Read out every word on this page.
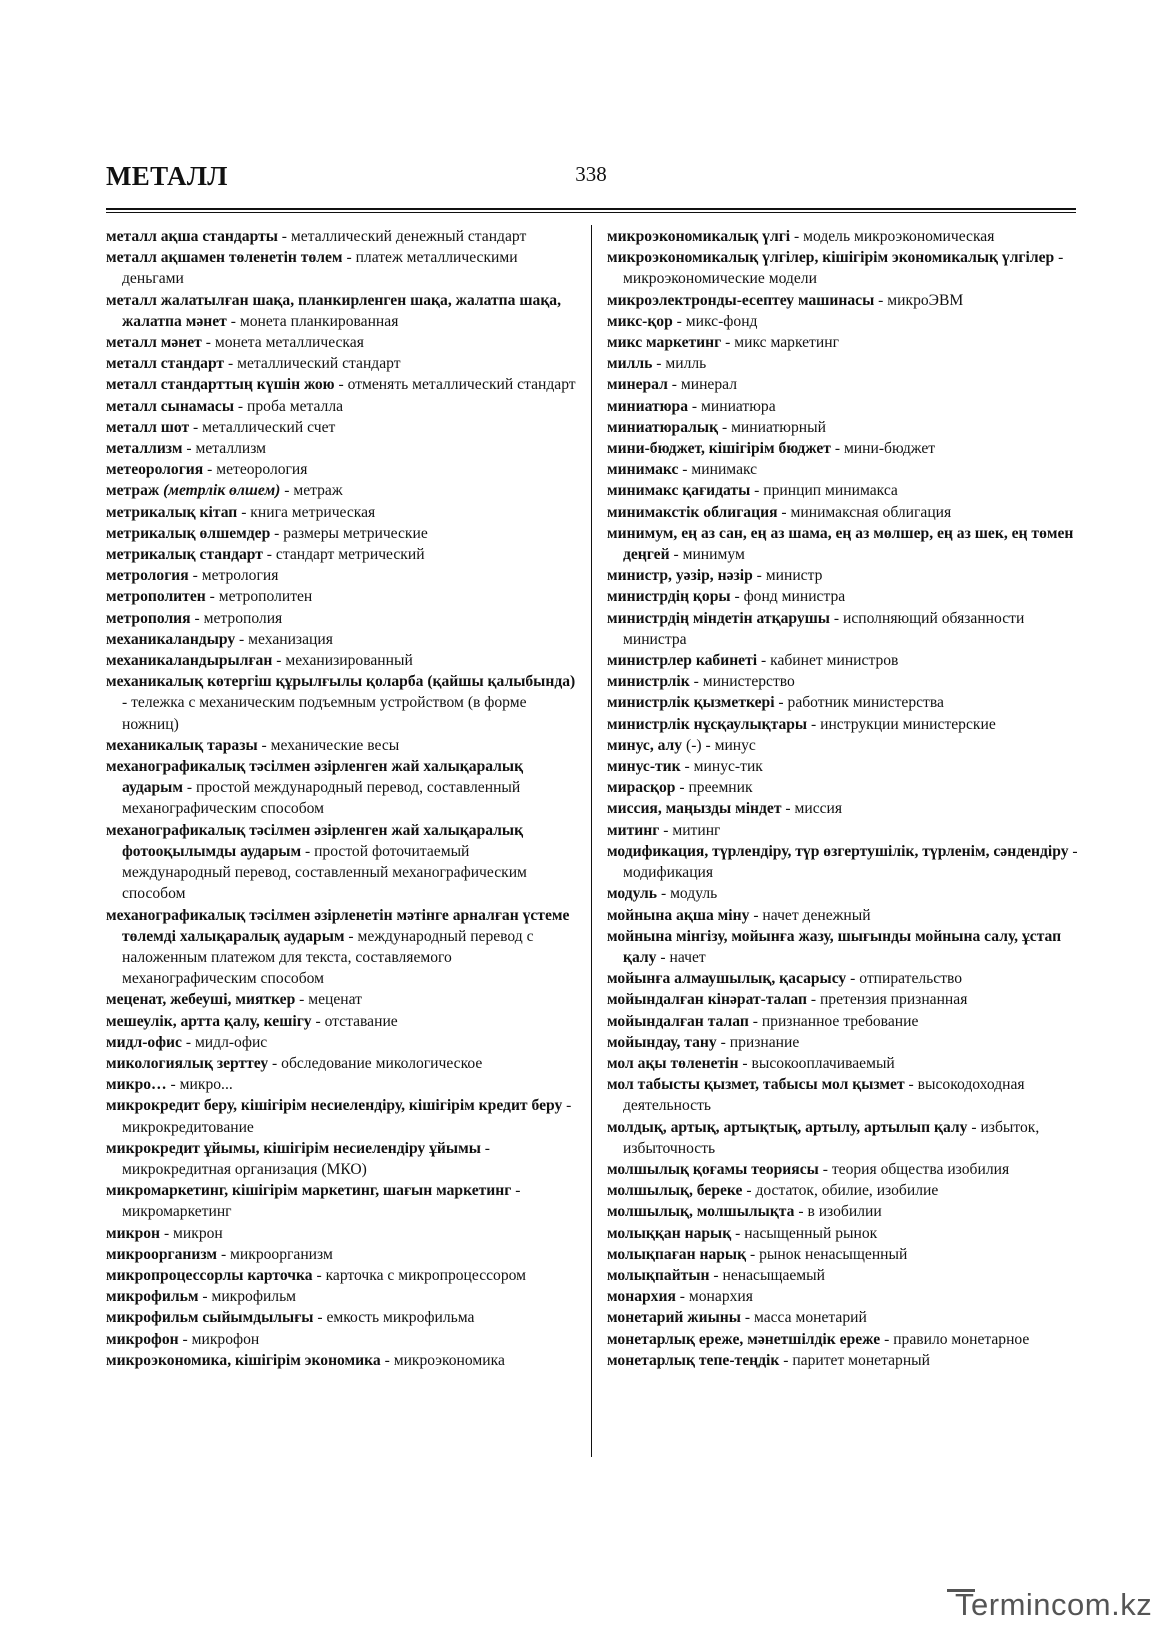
МЕТАЛЛ	338

металл ақша стандарты - металлический денежный стандарт

металл ақшамен төленетін төлем - платеж металлическими деньгами

металл жалатылған шақа, планкирленген шақа, жалатпа шақа, жалатпа мәнет - монета планкированная

металл мәнет - монета металлическая

металл стандарт - металлический стандарт

металл стандарттың күшін жою - отменять металлический стандарт

металл сынамасы - проба металла

металл шот - металлический счет

металлизм - металлизм

метеорология - метеорология

метраж (метрлік өлшем) - метраж

метрикалық кітап - книга метрическая

метрикалық өлшемдер - размеры метрические

метрикалық стандарт - стандарт метрический

метрология - метрология

метрополитен - метрополитен

метрополия - метрополия

механикаландыру - механизация

механикаландырылған - механизированный

механикалық көтергіш құрылғылы қоларба (қайшы қалыбында) - тележка с механическим подъемным устройством (в форме ножниц)

механикалық таразы - механические весы

механографикалық тәсілмен әзірленген жай халықаралық аударым - простой международный перевод, составленный механографическим способом

механографикалық тәсілмен әзірленген жай халықаралық фотооқылымды аударым - простой фоточитаемый международный перевод, составленный механографическим способом

механографикалық тәсілмен әзірленетін мәтінге арналған үстеме төлемді халықаралық аударым - международный перевод с наложенным платежом для текста, составляемого механографическим способом

меценат, жебеуші, мияткер - меценат

мешеулік, артта қалу, кешігу - отставание

мидл-офис - мидл-офис

микологиялық зерттеу - обследование микологическое

микро… - микро...

микрокредит беру, кішігірім несиелендіру, кішігірім кредит беру - микрокредитование

микрокредит ұйымы, кішігірім несиелендіру ұйымы - микрокредитная организация (МКО)

микромаркетинг, кішігірім маркетинг, шағын маркетинг - микромаркетинг

микрон - микрон

микроорганизм - микроорганизм

микропроцессорлы карточка - карточка с микропроцессором

микрофильм - микрофильм

микрофильм сыйымдылығы - емкость микрофильма

микрофон - микрофон

микроэкономика, кішігірім экономика - микроэкономика

микроэкономикалық үлгі - модель микроэкономическая

микроэкономикалық үлгілер, кішігірім экономикалық үлгілер - микроэкономические модели

микроэлектронды-есептеу машинасы - микроЭВМ

микс-қор - микс-фонд

микс маркетинг - микс маркетинг

милль - милль

минерал - минерал

миниатюра - миниатюра

миниатюралық - миниатюрный

мини-бюджет, кішігірім бюджет - мини-бюджет

минимакс - минимакс

минимакс қағидаты - принцип минимакса

минимакстік облигация - минимаксная облигация

минимум, ең аз сан, ең аз шама, ең аз мөлшер, ең аз шек, ең төмен деңгей - минимум

министр, уәзір, нәзір - министр

министрдің қоры - фонд министра

министрдің міндетін атқарушы - исполняющий обязанности министра

министрлер кабинеті - кабинет министров

министрлік - министерство

министрлік қызметкері - работник министерства

министрлік нұсқаулықтары - инструкции министерские

минус, алу (-) - минус

минус-тик - минус-тик

мирасқор - преемник

миссия, маңызды міндет - миссия

митинг - митинг

модификация, түрлендіру, түр өзгертушілік, түрленім, сәндендіру - модификация

модуль - модуль

мойнына ақша міну - начет денежный

мойнына мінгізу, мойынға жазу, шығынды мойнына салу, ұстап қалу - начет

мойынға алмаушылық, қасарысу - отпирательство

мойындалған кінәрат-талап - претензия признанная

мойындалған талап - признанное требование

мойындау, тану - признание

мол ақы төленетін - высокооплачиваемый

мол табысты қызмет, табысы мол қызмет - высокодоходная деятельность

молдық, артық, артықтық, артылу, артылып қалу - избыток, избыточность

молшылық қоғамы теориясы - теория общества изобилия

молшылық, береке - достаток, обилие, изобилие

молшылық, молшылықта - в изобилии

молыққан нарық - насыщенный рынок

молықпаған нарық - рынок ненасыщенный

молықпайтын - ненасыщаемый

монархия - монархия

монетарий жиыны - масса монетарий

монетарлық ереже, мәнетшілдік ереже - правило монетарное

монетарлық тепе-теңдік - паритет монетарный

Termincom.kz
